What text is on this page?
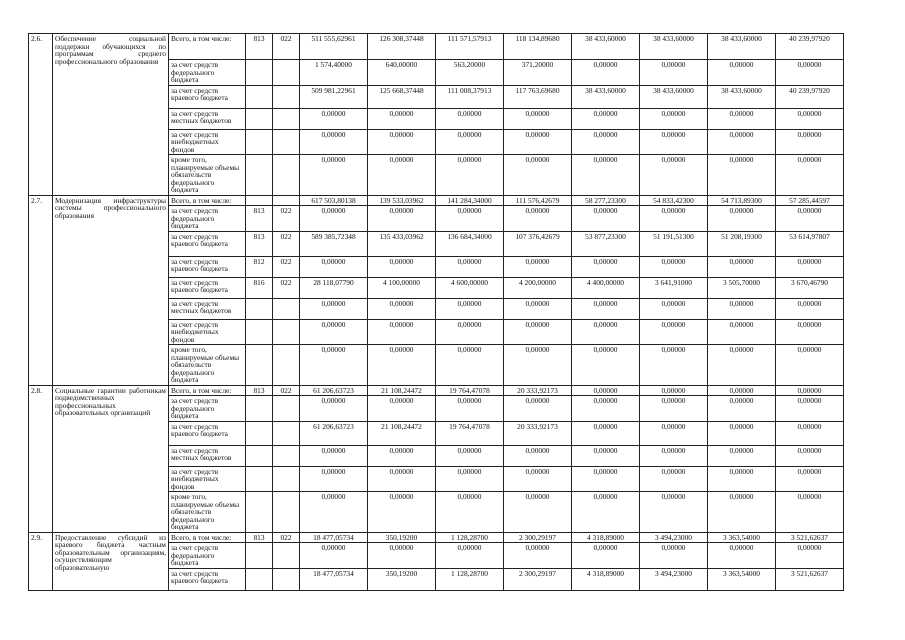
2.6.	Обеспечение социальной поддержки обучающихся по программам среднего профессионального образования	Всего, в том числе:	813	022	511 555,62961	126 308,37448	111 571,57913	118 134,89680	38 433,60000	38 433,60000	38 433,60000	40 239,97920
		за счет средств федерального бюджета			1 574,40000	640,00000	563,20000	371,20000	0,00000	0,00000	0,00000	0,00000
		за счет средств краевого бюджета			509 981,22961	125 668,37448	111 008,37913	117 763,69680	38 433,60000	38 433,60000	38 433,60000	40 239,97920
		за счет средств местных бюджетов			0,00000	0,00000	0,00000	0,00000	0,00000	0,00000	0,00000	0,00000
		за счет средств внебюджетных фондов			0,00000	0,00000	0,00000	0,00000	0,00000	0,00000	0,00000	0,00000
		кроме того, планируемые объемы обязательств федерального бюджета			0,00000	0,00000	0,00000	0,00000	0,00000	0,00000	0,00000	0,00000
2.7.	Модернизация инфраструктуры системы профессионального образования	Всего, в том числе:			617 503,80138	139 533,03962	141 284,34000	111 576,42679	58 277,23300	54 833,42300	54 713,89300	57 285,44597
		за счет средств федерального бюджета	813	022	0,00000	0,00000	0,00000	0,00000	0,00000	0,00000	0,00000	0,00000
		за счет средств краевого бюджета	813	022	589 385,72348	135 433,03962	136 684,34000	107 376,42679	53 877,23300	51 191,51300	51 208,19300	53 614,97807
		за счет средств краевого бюджета	812	022	0,00000	0,00000	0,00000	0,00000	0,00000	0,00000	0,00000	0,00000
		за счет средств краевого бюджета	816	022	28 118,07790	4 100,00000	4 600,00000	4 200,00000	4 400,00000	3 641,91000	3 505,70000	3 670,46790
		за счет средств местных бюджетов			0,00000	0,00000	0,00000	0,00000	0,00000	0,00000	0,00000	0,00000
		за счет средств внебюджетных фондов			0,00000	0,00000	0,00000	0,00000	0,00000	0,00000	0,00000	0,00000
		кроме того, планируемые объемы обязательств федерального бюджета			0,00000	0,00000	0,00000	0,00000	0,00000	0,00000	0,00000	0,00000
2.8.	Социальные гарантии работникам подведомственных профессиональных образовательных организаций	Всего, в том числе:	813	022	61 206,63723	21 108,24472	19 764,47078	20 333,92173	0,00000	0,00000	0,00000	0,00000
		за счет средств федерального бюджета			0,00000	0,00000	0,00000	0,00000	0,00000	0,00000	0,00000	0,00000
		за счет средств краевого бюджета			61 206,63723	21 108,24472	19 764,47078	20 333,92173	0,00000	0,00000	0,00000	0,00000
		за счет средств местных бюджетов			0,00000	0,00000	0,00000	0,00000	0,00000	0,00000	0,00000	0,00000
		за счет средств внебюджетных фондов			0,00000	0,00000	0,00000	0,00000	0,00000	0,00000	0,00000	0,00000
		кроме того, планируемые объемы обязательств федерального бюджета			0,00000	0,00000	0,00000	0,00000	0,00000	0,00000	0,00000	0,00000
2.9.	Предоставление субсидий из краевого бюджета частным образовательным организациям, осуществляющим образовательную	Всего, в том числе:	813	022	18 477,05734	350,19200	1 128,28700	2 300,29197	4 318,89000	3 494,23000	3 363,54000	3 521,62637
		за счет средств федерального бюджета			0,00000	0,00000	0,00000	0,00000	0,00000	0,00000	0,00000	0,00000
		за счет средств краевого бюджета			18 477,05734	350,19200	1 128,28700	2 300,29197	4 318,89000	3 494,23000	3 363,54000	3 521,62637
